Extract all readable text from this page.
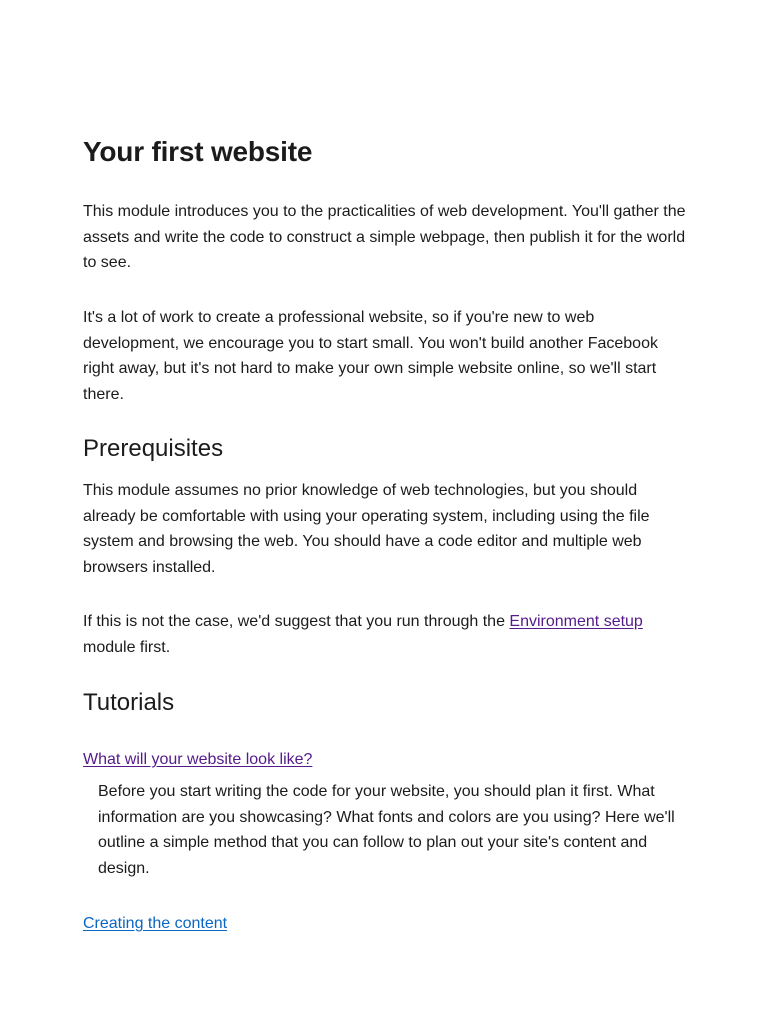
Your first website

This module introduces you to the practicalities of web development. You'll gather the assets and write the code to construct a simple webpage, then publish it for the world to see.

It's a lot of work to create a professional website, so if you're new to web development, we encourage you to start small. You won't build another Facebook right away, but it's not hard to make your own simple website online, so we'll start there.

Prerequisites

This module assumes no prior knowledge of web technologies, but you should already be comfortable with using your operating system, including using the file system and browsing the web. You should have a code editor and multiple web browsers installed.

If this is not the case, we'd suggest that you run through the Environment setup module first.

Tutorials
What will your website look like?

Before you start writing the code for your website, you should plan it first. What information are you showcasing? What fonts and colors are you using? Here we'll outline a simple method that you can follow to plan out your site's content and design.

Creating the content
